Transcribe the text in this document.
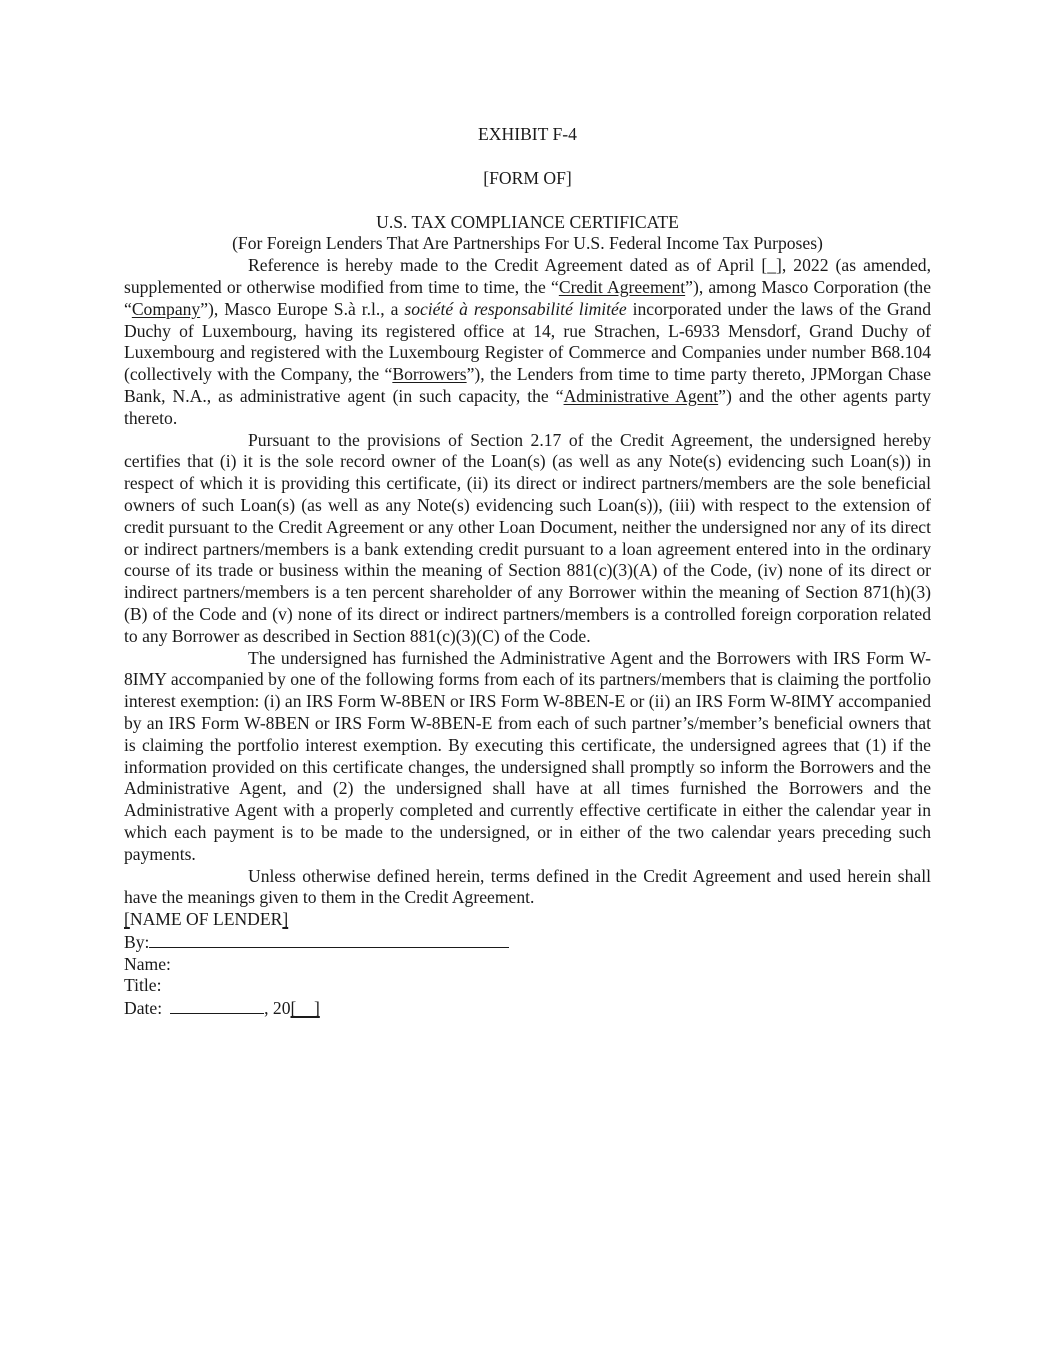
EXHIBIT F-4
[FORM OF]
U.S. TAX COMPLIANCE CERTIFICATE
(For Foreign Lenders That Are Partnerships For U.S. Federal Income Tax Purposes)

Reference is hereby made to the Credit Agreement dated as of April [_], 2022 (as amended, supplemented or otherwise modified from time to time, the “Credit Agreement”), among Masco Corporation (the “Company”), Masco Europe S.à r.l., a société à responsabilité limitée incorporated under the laws of the Grand Duchy of Luxembourg, having its registered office at 14, rue Strachen, L-6933 Mensdorf, Grand Duchy of Luxembourg and registered with the Luxembourg Register of Commerce and Companies under number B68.104 (collectively with the Company, the “Borrowers”), the Lenders from time to time party thereto, JPMorgan Chase Bank, N.A., as administrative agent (in such capacity, the “Administrative Agent”) and the other agents party thereto.

Pursuant to the provisions of Section 2.17 of the Credit Agreement, the undersigned hereby certifies that (i) it is the sole record owner of the Loan(s) (as well as any Note(s) evidencing such Loan(s)) in respect of which it is providing this certificate, (ii) its direct or indirect partners/members are the sole beneficial owners of such Loan(s) (as well as any Note(s) evidencing such Loan(s)), (iii) with respect to the extension of credit pursuant to the Credit Agreement or any other Loan Document, neither the undersigned nor any of its direct or indirect partners/members is a bank extending credit pursuant to a loan agreement entered into in the ordinary course of its trade or business within the meaning of Section 881(c)(3)(A) of the Code, (iv) none of its direct or indirect partners/members is a ten percent shareholder of any Borrower within the meaning of Section 871(h)(3)(B) of the Code and (v) none of its direct or indirect partners/members is a controlled foreign corporation related to any Borrower as described in Section 881(c)(3)(C) of the Code.

The undersigned has furnished the Administrative Agent and the Borrowers with IRS Form W-8IMY accompanied by one of the following forms from each of its partners/members that is claiming the portfolio interest exemption: (i) an IRS Form W-8BEN or IRS Form W-8BEN-E or (ii) an IRS Form W-8IMY accompanied by an IRS Form W-8BEN or IRS Form W-8BEN-E from each of such partner’s/member’s beneficial owners that is claiming the portfolio interest exemption. By executing this certificate, the undersigned agrees that (1) if the information provided on this certificate changes, the undersigned shall promptly so inform the Borrowers and the Administrative Agent, and (2) the undersigned shall have at all times furnished the Borrowers and the Administrative Agent with a properly completed and currently effective certificate in either the calendar year in which each payment is to be made to the undersigned, or in either of the two calendar years preceding such payments.

Unless otherwise defined herein, terms defined in the Credit Agreement and used herein shall have the meanings given to them in the Credit Agreement.

[NAME OF LENDER]
By:
Name:
Title:
Date:	, 20[    ]
